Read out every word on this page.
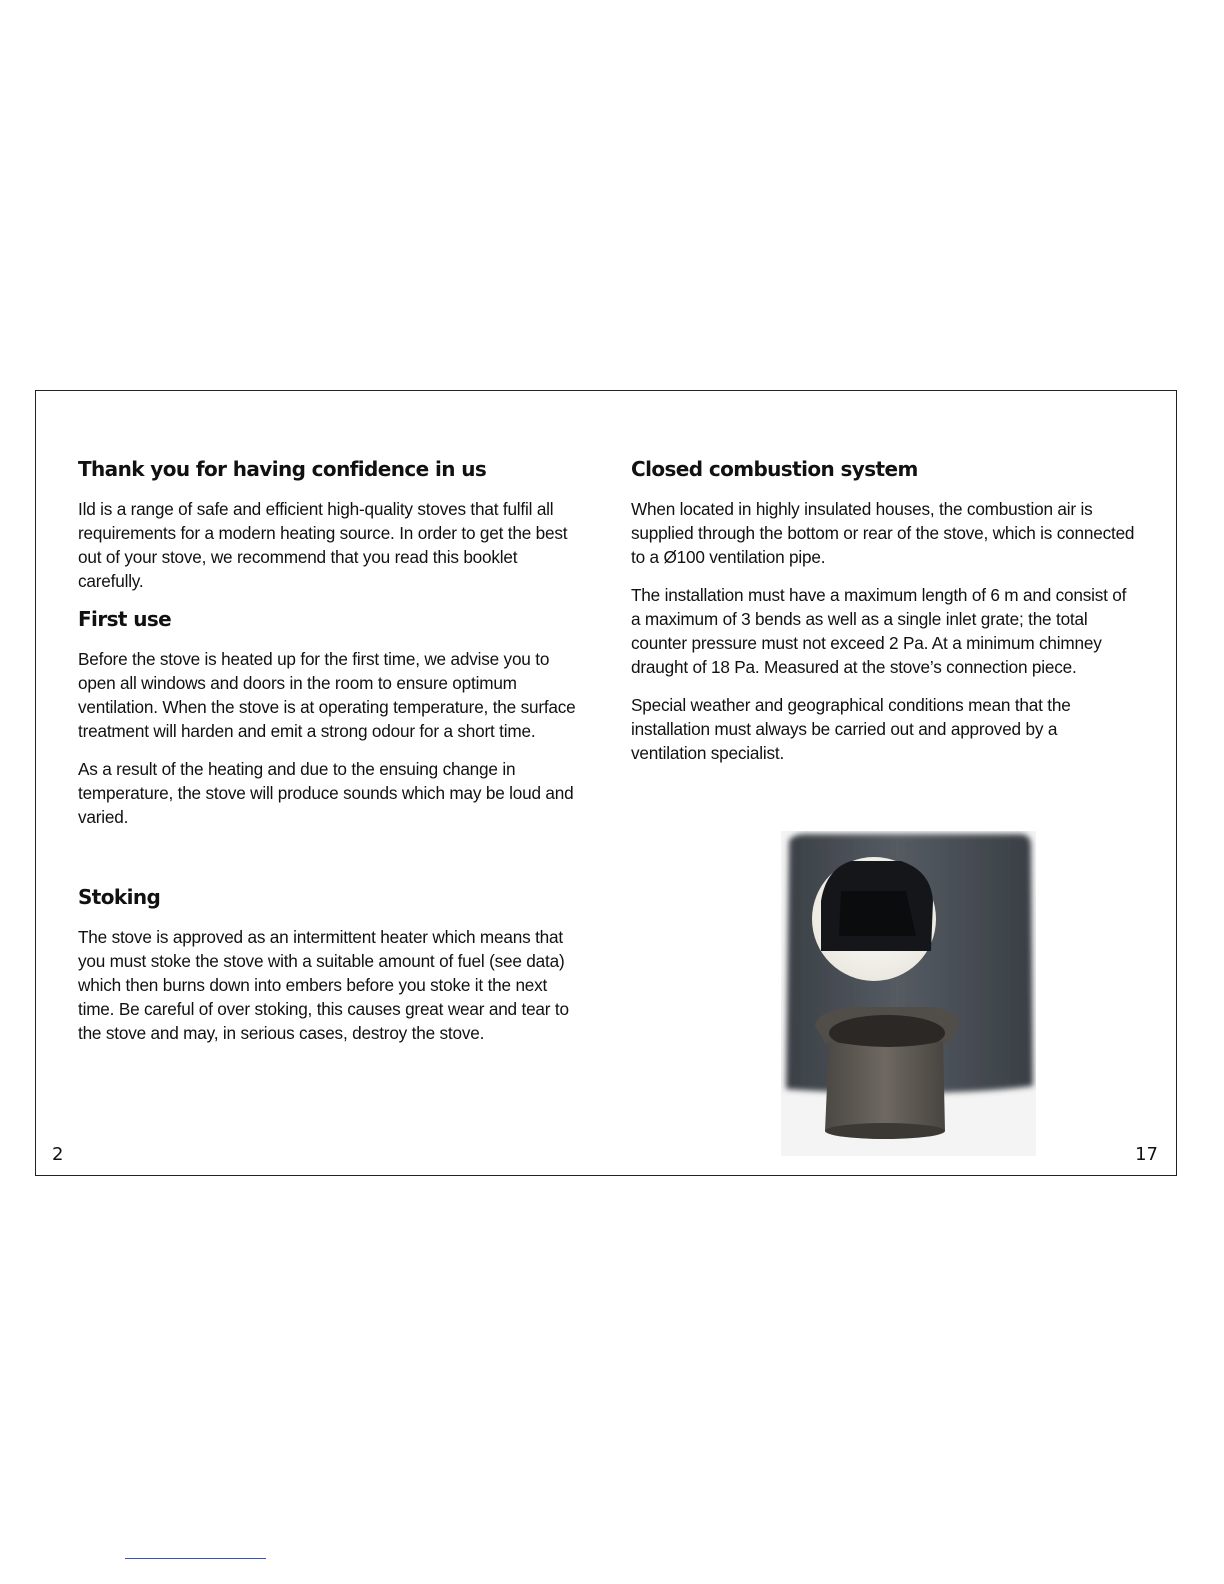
Thank you for having confidence in us

Ild is a range of safe and efficient high-quality stoves that fulfil all requirements for a modern heating source. In order to get the best out of your stove, we recommend that you read this booklet carefully.

First use

Before the stove is heated up for the first time, we advise you to open all windows and doors in the room to ensure optimum ventilation. When the stove is at operating temperature, the surface treatment will harden and emit a strong odour for a short time.

As a result of the heating and due to the ensuing change in temperature, the stove will produce sounds which may be loud and varied.

Stoking

The stove is approved as an intermittent heater which means that you must stoke the stove with a suitable amount of fuel (see data) which then burns down into embers before you stoke it the next time. Be careful of over stoking, this causes great wear and tear to the stove and may, in serious cases, destroy the stove.

Closed combustion system

When located in highly insulated houses, the combustion air is supplied through the bottom or rear of the stove, which is connected to a Ø100 ventilation pipe.

The installation must have a maximum length of 6 m and consist of a maximum of 3 bends as well as a single inlet grate; the total counter pressure must not exceed 2 Pa. At a minimum chimney draught of 18 Pa. Measured at the stove’s connection piece.

Special weather and geographical conditions mean that the installation must always be carried out and approved by a ventilation specialist.

2	17
